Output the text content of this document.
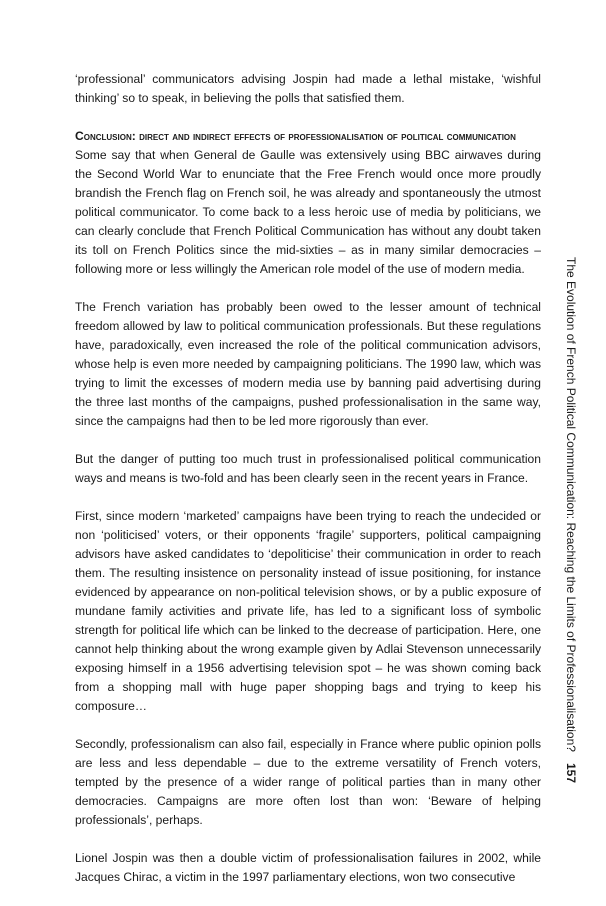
‘professional’ communicators advising Jospin had made a lethal mistake, ‘wishful thinking’ so to speak, in believing the polls that satisfied them.

Conclusion: direct and indirect effects of professionalisation of political communication

Some say that when General de Gaulle was extensively using BBC airwaves during the Second World War to enunciate that the Free French would once more proudly brandish the French flag on French soil, he was already and spontaneously the utmost political communicator. To come back to a less heroic use of media by politicians, we can clearly conclude that French Political Communication has without any doubt taken its toll on French Politics since the mid-sixties – as in many similar democracies – following more or less willingly the American role model of the use of modern media.

The French variation has probably been owed to the lesser amount of technical freedom allowed by law to political communication professionals. But these regulations have, paradoxically, even increased the role of the political communication advisors, whose help is even more needed by campaigning politicians. The 1990 law, which was trying to limit the excesses of modern media use by banning paid advertising during the three last months of the campaigns, pushed professionalisation in the same way, since the campaigns had then to be led more rigorously than ever.

But the danger of putting too much trust in professionalised political communication ways and means is two-fold and has been clearly seen in the recent years in France.

First, since modern ‘marketed’ campaigns have been trying to reach the undecided or non ‘politicised’ voters, or their opponents ‘fragile’ supporters, political campaigning advisors have asked candidates to ‘depoliticise’ their communication in order to reach them. The resulting insistence on personality instead of issue positioning, for instance evidenced by appearance on non-political television shows, or by a public exposure of mundane family activities and private life, has led to a significant loss of symbolic strength for political life which can be linked to the decrease of participation. Here, one cannot help thinking about the wrong example given by Adlai Stevenson unnecessarily exposing himself in a 1956 advertising television spot – he was shown coming back from a shopping mall with huge paper shopping bags and trying to keep his composure…

Secondly, professionalism can also fail, especially in France where public opinion polls are less and less dependable – due to the extreme versatility of French voters, tempted by the presence of a wider range of political parties than in many other democracies. Campaigns are more often lost than won: ‘Beware of helping professionals’, perhaps.

Lionel Jospin was then a double victim of professionalisation failures in 2002, while Jacques Chirac, a victim in the 1997 parliamentary elections, won two consecutive

The Evolution of French Political Communication: Reaching the Limits of Professionalisation? 157
